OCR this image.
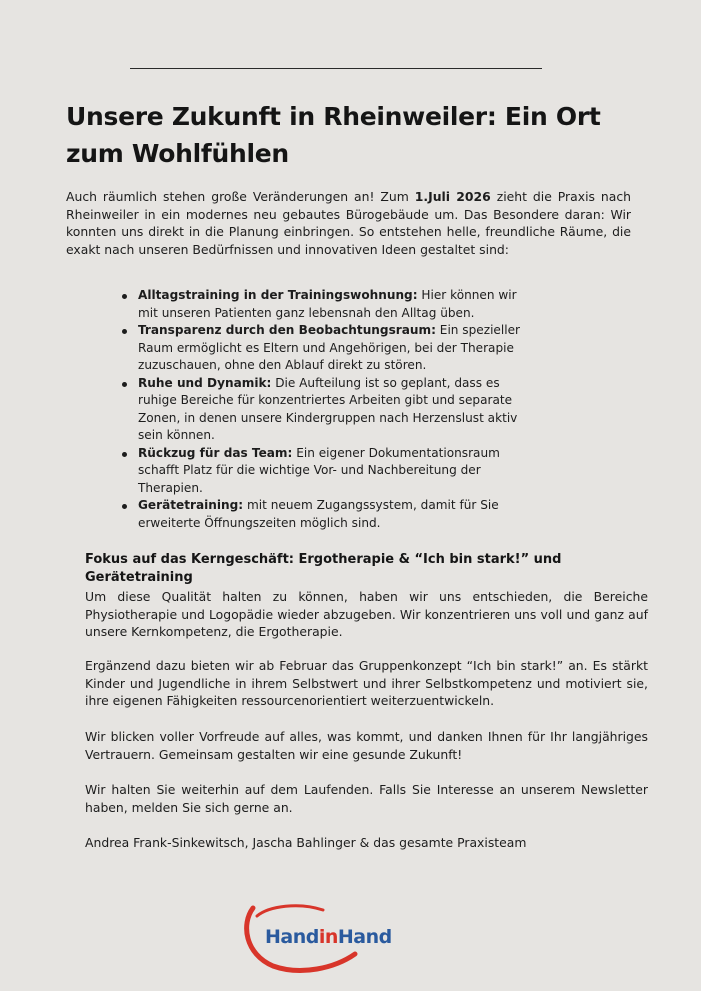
Unsere Zukunft in Rheinweiler: Ein Ort zum Wohlfühlen

Auch räumlich stehen große Veränderungen an! Zum 1.Juli 2026 zieht die Praxis nach Rheinweiler in ein modernes neu gebautes Bürogebäude um. Das Besondere daran: Wir konnten uns direkt in die Planung einbringen. So entstehen helle, freundliche Räume, die exakt nach unseren Bedürfnissen und innovativen Ideen gestaltet sind:

Alltagstraining in der Trainingswohnung: Hier können wir mit unseren Patienten ganz lebensnah den Alltag üben.
Transparenz durch den Beobachtungsraum: Ein spezieller Raum ermöglicht es Eltern und Angehörigen, bei der Therapie zuzuschauen, ohne den Ablauf direkt zu stören.
Ruhe und Dynamik: Die Aufteilung ist so geplant, dass es ruhige Bereiche für konzentriertes Arbeiten gibt und separate Zonen, in denen unsere Kindergruppen nach Herzenslust aktiv sein können.
Rückzug für das Team: Ein eigener Dokumentationsraum schafft Platz für die wichtige Vor- und Nachbereitung der Therapien.
Gerätetraining: mit neuem Zugangssystem, damit für Sie erweiterte Öffnungszeiten möglich sind.
Fokus auf das Kerngeschäft: Ergotherapie & “Ich bin stark!” und Gerätetraining

Um diese Qualität halten zu können, haben wir uns entschieden, die Bereiche Physiotherapie und Logopädie wieder abzugeben. Wir konzentrieren uns voll und ganz auf unsere Kernkompetenz, die Ergotherapie.

Ergänzend dazu bieten wir ab Februar das Gruppenkonzept “Ich bin stark!” an. Es stärkt Kinder und Jugendliche in ihrem Selbstwert und ihrer Selbstkompetenz und motiviert sie, ihre eigenen Fähigkeiten ressourcenorientiert weiterzuentwickeln.

Wir blicken voller Vorfreude auf alles, was kommt, und danken Ihnen für Ihr langjähriges Vertrauern. Gemeinsam gestalten wir eine gesunde Zukunft!

Wir halten Sie weiterhin auf dem Laufenden. Falls Sie Interesse an unserem Newsletter haben, melden Sie sich gerne an.

Andrea Frank-Sinkewitsch, Jascha Bahlinger & das gesamte Praxisteam

HandinHand
